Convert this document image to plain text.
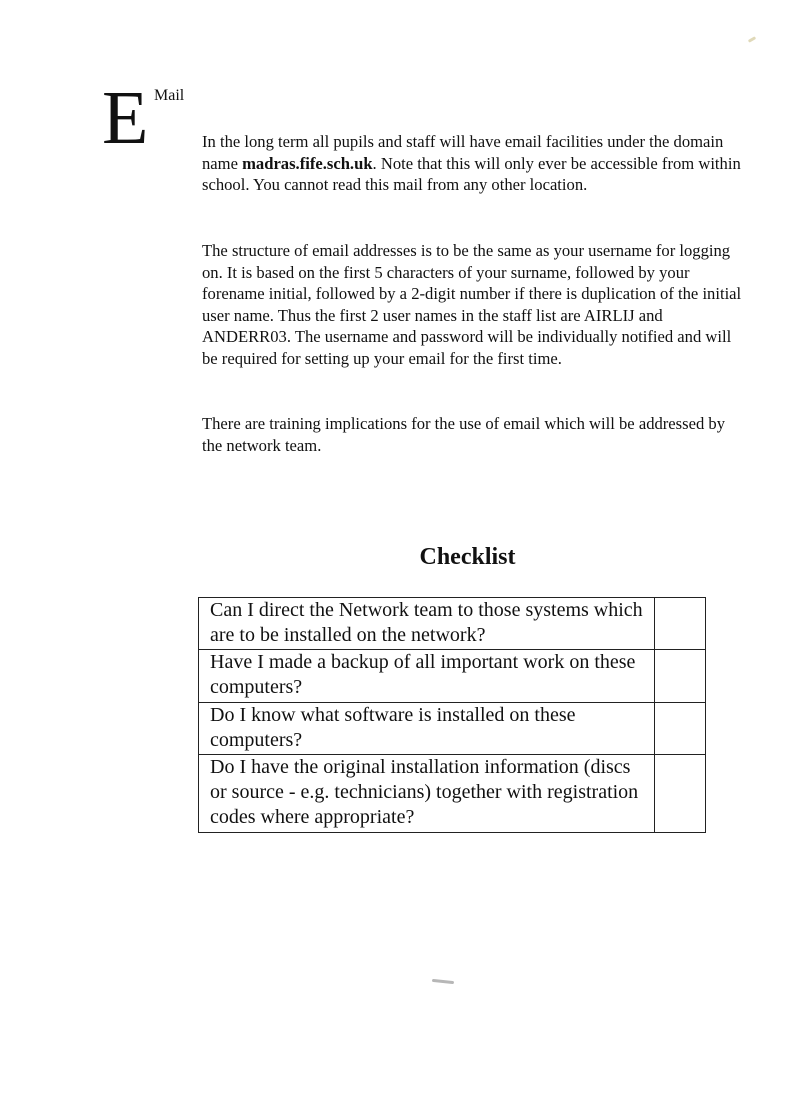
E Mail

In the long term all pupils and staff will have email facilities under the domain name madras.fife.sch.uk. Note that this will only ever be accessible from within school. You cannot read this mail from any other location.

The structure of email addresses is to be the same as your username for logging on. It is based on the first 5 characters of your surname, followed by your forename initial, followed by a 2-digit number if there is duplication of the initial user name. Thus the first 2 user names in the staff list are AIRLIJ and ANDERR03. The username and password will be individually notified and will be required for setting up your email for the first time.

There are training implications for the use of email which will be addressed by the network team.

Checklist
Can I direct the Network team to those systems which are to be installed on the network?	
Have I made a backup of all important work on these computers?	
Do I know what software is installed on these computers?	
Do I have the original installation information (discs or source - e.g. technicians) together with registration codes where appropriate?	
